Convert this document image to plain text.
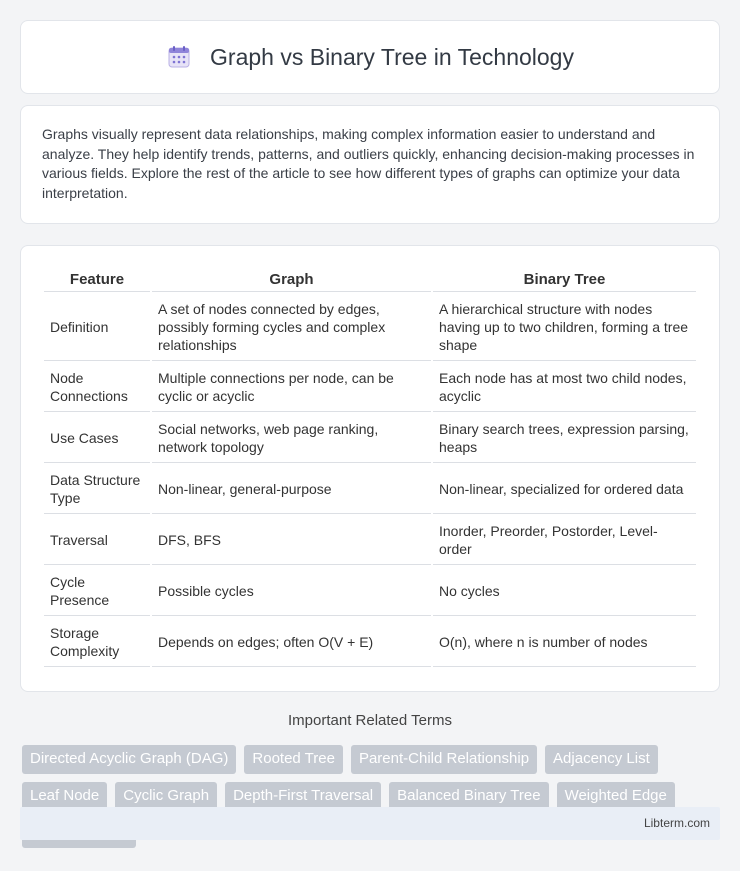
Graph vs Binary Tree in Technology

Graphs visually represent data relationships, making complex information easier to understand and analyze. They help identify trends, patterns, and outliers quickly, enhancing decision-making processes in various fields. Explore the rest of the article to see how different types of graphs can optimize your data interpretation.

Feature	Graph	Binary Tree
Definition	A set of nodes connected by edges, possibly forming cycles and complex relationships	A hierarchical structure with nodes having up to two children, forming a tree shape
Node Connections	Multiple connections per node, can be cyclic or acyclic	Each node has at most two child nodes, acyclic
Use Cases	Social networks, web page ranking, network topology	Binary search trees, expression parsing, heaps
Data Structure Type	Non-linear, general-purpose	Non-linear, specialized for ordered data
Traversal	DFS, BFS	Inorder, Preorder, Postorder, Level-order
Cycle Presence	Possible cycles	No cycles
Storage Complexity	Depends on edges; often O(V + E)	O(n), where n is number of nodes
Important Related Terms
Directed Acyclic Graph (DAG)	Rooted Tree	Parent-Child Relationship	Adjacency List
Leaf Node	Cyclic Graph	Depth-First Traversal	Balanced Binary Tree	Weighted Edge
Libterm.com
